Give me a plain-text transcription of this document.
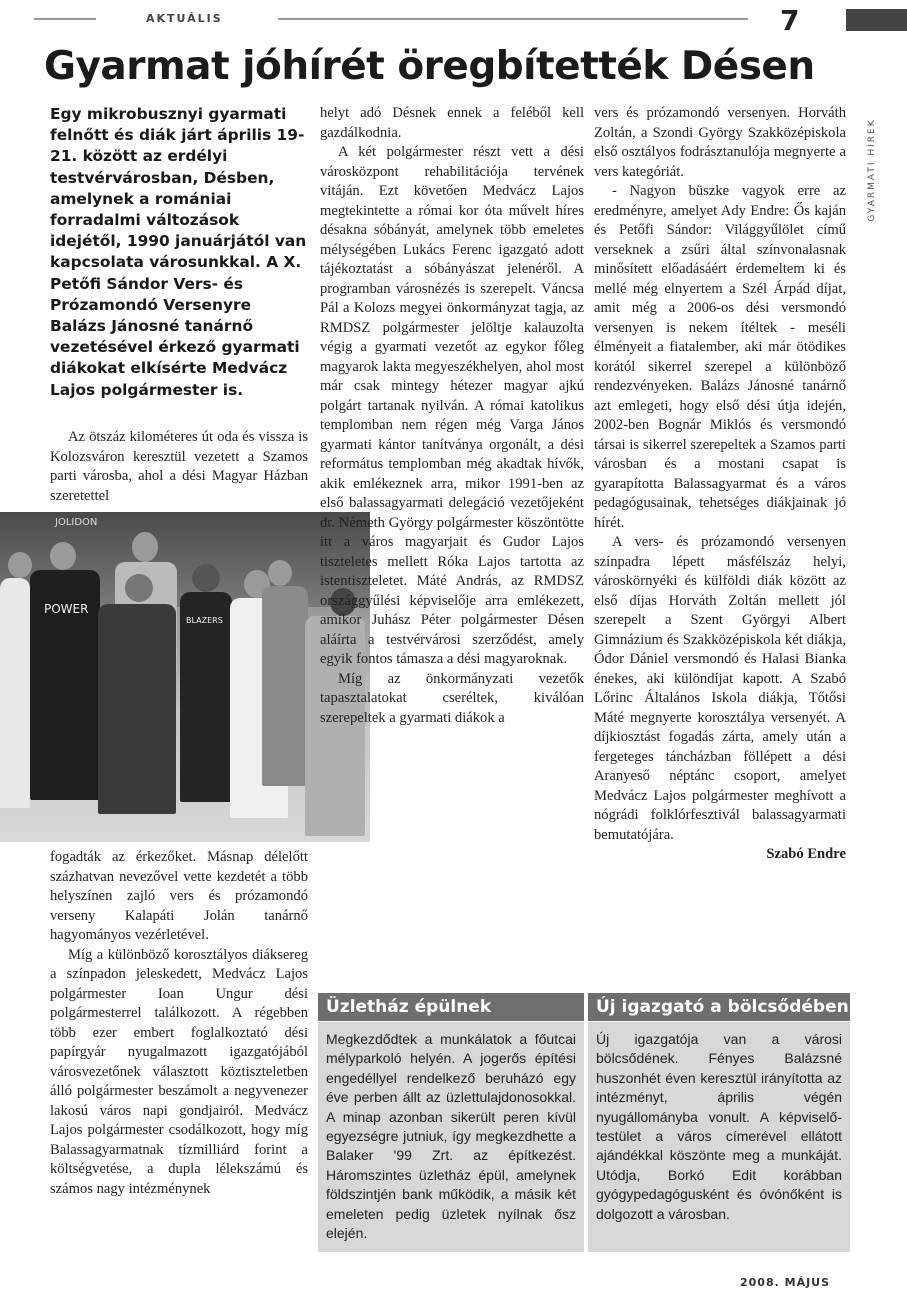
AKTUÁLIS	7
Gyarmat jóhírét öregbítették Désen
GYARMATI HÍREK
Egy mikrobusznyi gyarmati felnőtt és diák járt április 19-21. között az erdélyi testvérvárosban, Désben, amelynek a romániai forradalmi változások idejétől, 1990 januárjától van kapcsolata városunkkal. A X. Petőfi Sándor Vers- és Prózamondó Versenyre Balázs Jánosné tanárnő vezetésével érkező gyarmati diákokat elkísérte Medvácz Lajos polgármester is.

Az ötszáz kilométeres út oda és vissza is Kolozsváron keresztül vezetett a Szamos parti városba, ahol a dési Magyar Házban szeretettel

fogadták az érkezőket. Másnap délelőtt százhatvan nevezővel vette kezdetét a több helyszínen zajló vers és prózamondó verseny Kalapáti Jolán tanárnő hagyományos vezérletével.

Míg a különböző korosztályos diáksereg a színpadon jeleskedett, Medvácz Lajos polgármester Ioan Ungur dési polgármesterrel találkozott. A régebben több ezer embert foglalkoztató dési papírgyár nyugalmazott igazgatójából városvezetőnek választott köztiszteletben álló polgármester beszámolt a negyvenezer lakosú város napi gondjairól. Medvácz Lajos polgármester csodálkozott, hogy míg Balassagyarmatnak tízmilliárd forint a költségvetése, a dupla lélekszámú és számos nagy intézménynek

JOLIDON
POWER
BLAZERS

helyt adó Désnek ennek a feléből kell gazdálkodnia.

A két polgármester részt vett a dési városközpont rehabilitációja tervének vitáján. Ezt követően Medvácz Lajos megtekintette a római kor óta művelt híres désakna sóbányát, amelynek több emeletes mélységében Lukács Ferenc igazgató adott tájékoztatást a sóbányászat jelenéről. A programban városnézés is szerepelt. Váncsa Pál a Kolozs megyei önkormányzat tagja, az RMDSZ polgármester jelöltje kalauzolta végig a gyarmati vezetőt az egykor főleg magyarok lakta megyeszékhelyen, ahol most már csak mintegy hétezer magyar ajkú polgárt tartanak nyilván. A római katolikus templomban nem régen még Varga János gyarmati kántor tanítványa orgonált, a dési református templomban még akadtak hívők, akik emlékeznek arra, mikor 1991-ben az első balassagyarmati delegáció vezetőjeként dr. Németh György polgármester köszöntötte itt a város magyarjait és Gudor Lajos tiszteletes mellett Róka Lajos tartotta az istentiszteletet. Máté András, az RMDSZ országgyűlési képviselője arra emlékezett, amikor Juhász Péter polgármester Désen aláírta a testvérvárosi szerződést, amely egyik fontos támasza a dési magyaroknak.

Míg az önkormányzati vezetők tapasztalatokat cseréltek, kiválóan szerepeltek a gyarmati diákok a

vers és prózamondó versenyen. Horváth Zoltán, a Szondi György Szakközépiskola első osztályos fodrásztanulója megnyerte a vers kategóriát.

- Nagyon büszke vagyok erre az eredményre, amelyet Ady Endre: Ős kaján és Petőfi Sándor: Világgyűlölet című verseknek a zsűri által színvonalasnak minősített előadásáért érdemeltem ki és mellé még elnyertem a Szél Árpád díjat, amit még a 2006-os dési versmondó versenyen is nekem ítéltek - meséli élményeit a fiatalember, aki már ötödikes korától sikerrel szerepel a különböző rendezvényeken. Balázs Jánosné tanárnő azt emlegeti, hogy első dési útja idején, 2002-ben Bognár Miklós és versmondó társai is sikerrel szerepeltek a Szamos parti városban és a mostani csapat is gyarapította Balassagyarmat és a város pedagógusainak, tehetséges diákjainak jó hírét.

A vers- és prózamondó versenyen színpadra lépett másfélszáz helyi, városkörnyéki és külföldi diák között az első díjas Horváth Zoltán mellett jól szerepelt a Szent Györgyi Albert Gimnázium és Szakközépiskola két diákja, Ódor Dániel versmondó és Halasi Bianka énekes, aki különdíjat kapott. A Szabó Lőrinc Általános Iskola diákja, Tőtősi Máté megnyerte korosztálya versenyét. A díjkiosztást fogadás zárta, amely után a fergeteges táncházban föllépett a dési Aranyeső néptánc csoport, amelyet Medvácz Lajos polgármester meghívott a nógrádi folklórfesztivál balassagyarmati bemutatójára.

Szabó Endre

Üzletház épülnek
Megkezdődtek a munkálatok a főutcai mélyparkoló helyén. A jogerős építési engedéllyel rendelkező beruházó egy éve perben állt az üzlettulajdonosokkal. A minap azonban sikerült peren kívül egyezségre jutniuk, így megkezdhette a Balaker '99 Zrt. az építkezést. Háromszintes üzletház épül, amelynek földszintjén bank működik, a másik két emeleten pedig üzletek nyílnak ősz elején.
Új igazgató a bölcsődében
Új igazgatója van a városi bölcsődének. Fényes Balázsné huszonhét éven keresztül irányította az intézményt, április végén nyugállományba vonult. A képviselő-testület a város címerével ellátott ajándékkal köszönte meg a munkáját. Utódja, Borkó Edit korábban gyógypedagógusként és óvónőként is dolgozott a városban.
2008. MÁJUS
